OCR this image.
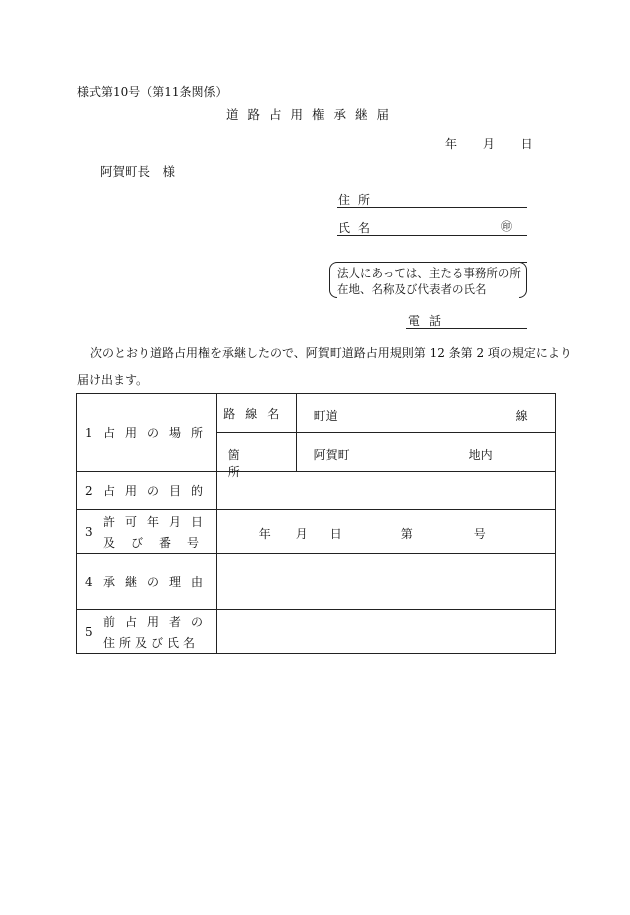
様式第10号（第11条関係）
道路占用権承継届
年 月 日
阿賀町長　様
住所
氏名	㊞
法人にあっては、主たる事務所の所
在地、名称及び代表者の氏名
電話
次のとおり道路占用権を承継したので、阿賀町道路占用規則第 12 条第 2 項の規定により
届け出ます。
1 占用の場所	路線名	町道 線

	箇所	阿賀町 地内

2 占用の目的		

3
許可年月日
及び番号	年 月 日 第 号	

4 承継の理由		

5
前占用者の
住所及び氏名		
